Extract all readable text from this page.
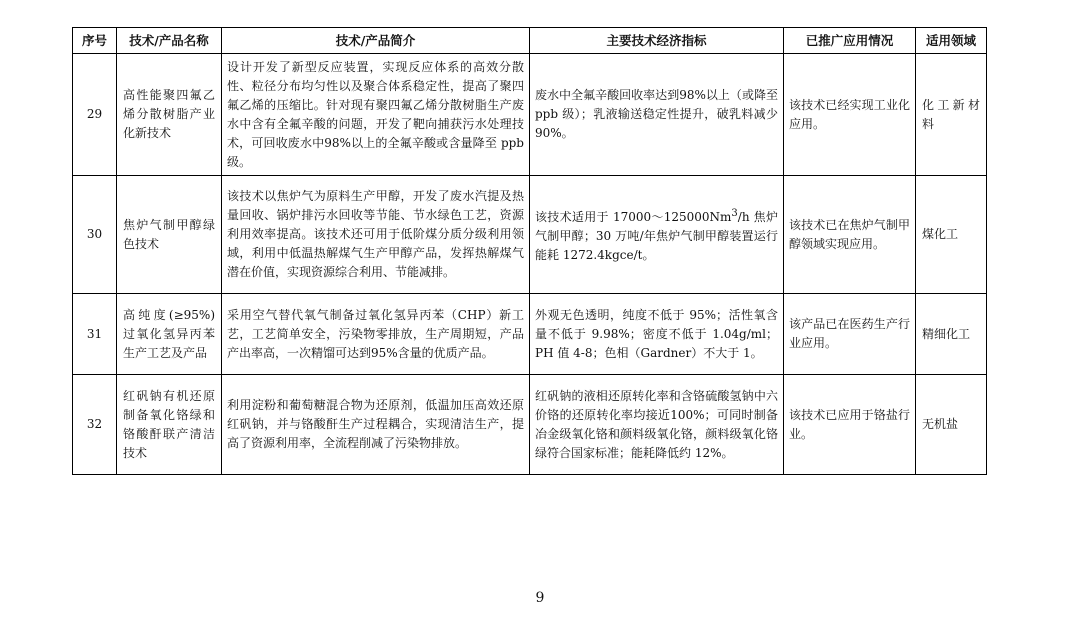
序号	技术/产品名称	技术/产品简介	主要技术经济指标	已推广应用情况	适用领域
29	高性能聚四氟乙烯分散树脂产业化新技术	设计开发了新型反应装置，实现反应体系的高效分散性、粒径分布均匀性以及聚合体系稳定性，提高了聚四氟乙烯的压缩比。针对现有聚四氟乙烯分散树脂生产废水中含有全氟辛酸的问题，开发了靶向捕获污水处理技术，可回收废水中98%以上的全氟辛酸或含量降至 ppb 级。	废水中全氟辛酸回收率达到98%以上（或降至 ppb 级）；乳液输送稳定性提升，破乳料减少 90%。	该技术已经实现工业化应用。	化工新材料
30	焦炉气制甲醇绿色技术	该技术以焦炉气为原料生产甲醇，开发了废水汽提及热量回收、锅炉排污水回收等节能、节水绿色工艺，资源利用效率提高。该技术还可用于低阶煤分质分级利用领域，利用中低温热解煤气生产甲醇产品，发挥热解煤气潜在价值，实现资源综合利用、节能减排。	该技术适用于 17000～125000Nm$^3$/h 焦炉气制甲醇；30 万吨/年焦炉气制甲醇装置运行能耗 1272.4kgce/t。	该技术已在焦炉气制甲醇领域实现应用。	煤化工
31	高纯度(≥95%)过氧化氢异丙苯生产工艺及产品	采用空气替代氧气制备过氧化氢异丙苯（CHP）新工艺，工艺简单安全，污染物零排放，生产周期短，产品产出率高，一次精馏可达到95%含量的优质产品。	外观无色透明，纯度不低于 95%；活性氧含量不低于 9.98%；密度不低于 1.04g/ml；PH 值 4-8；色相（Gardner）不大于 1。	该产品已在医药生产行业应用。	精细化工
32	红矾钠有机还原制备氧化铬绿和铬酸酐联产清洁技术	利用淀粉和葡萄糖混合物为还原剂，低温加压高效还原红矾钠，并与铬酸酐生产过程耦合，实现清洁生产，提高了资源利用率，全流程削减了污染物排放。	红矾钠的液相还原转化率和含铬硫酸氢钠中六价铬的还原转化率均接近100%；可同时制备冶金级氧化铬和颜料级氧化铬，颜料级氧化铬绿符合国家标准；能耗降低约 12%。	该技术已应用于铬盐行业。	无机盐
9
